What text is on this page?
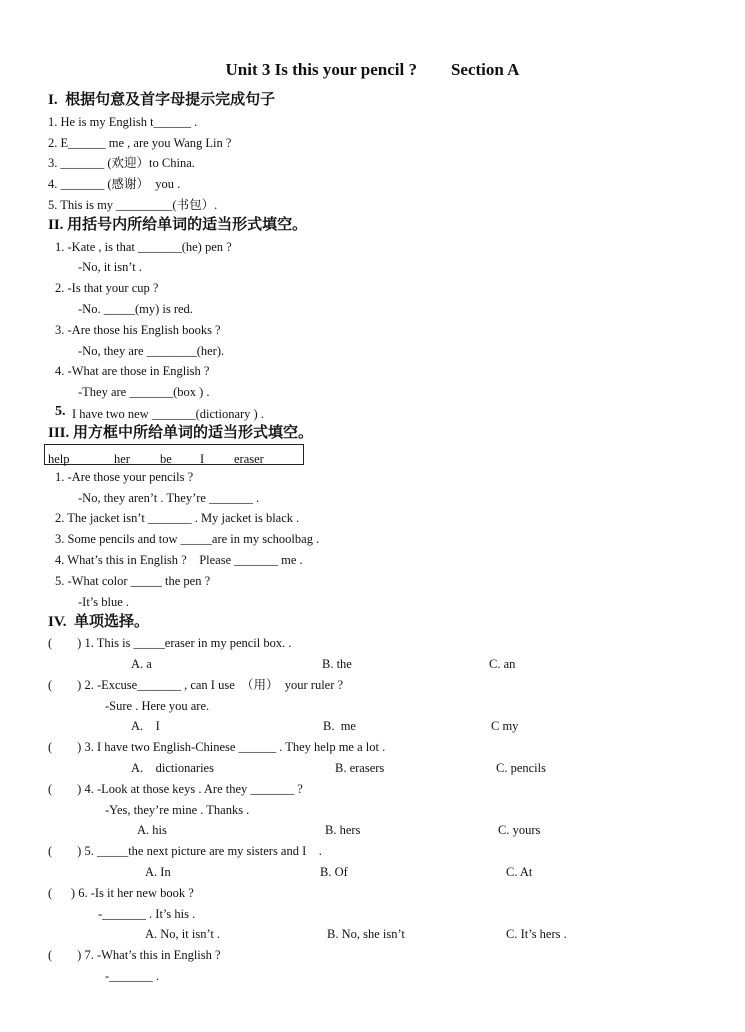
Unit 3 Is this your pencil ?        Section A
I.  根据句意及首字母提示完成句子
1. He is my English t______ .
2. E______ me , are you Wang Lin ?
3. _______ (欢迎）to China.
4. _______ (感谢）  you .
5. This is my _________(书包）.
II. 用括号内所给单词的适当形式填空。
1. -Kate , is that _______(he) pen ?
-No, it isn’t .
2. -Is that your cup ?
-No. _____(my) is red.
3. -Are those his English books ?
-No, they are ________(her).
4. -What are those in English ?
-They are _______(box ) .
5. I have two new _______(dictionary ) .
III. 用方框中所给单词的适当形式填空。
help	her be I eraser
1. -Are those your pencils ?
-No, they aren’t . They’re _______ .
2. The jacket isn’t _______ . My jacket is black .
3. Some pencils and tow _____are in my schoolbag .
4. What’s this in English ?    Please _______ me .
5. -What color _____ the pen ?
-It’s blue .
IV.  单项选择。
(        ) 1. This is _____eraser in my pencil box. .
A. a	B. the	C. an
(        ) 2. -Excuse_______ , can I use  （用）  your ruler ?
-Sure . Here you are.
A.    I	B.  me	C my
(        ) 3. I have two English-Chinese ______ . They help me a lot .
A.    dictionaries	B. erasers	C. pencils
(        ) 4. -Look at those keys . Are they _______ ?
-Yes, they’re mine . Thanks .
A. his	B. hers	C. yours
(        ) 5. _____the next picture are my sisters and I    .
A. In	B. Of	C. At
(      ) 6. -Is it her new book ?
-_______ . It’s his .
A. No, it isn’t .	B. No, she isn’t	C. It’s hers .
(        ) 7. -What’s this in English ?
-_______ .
